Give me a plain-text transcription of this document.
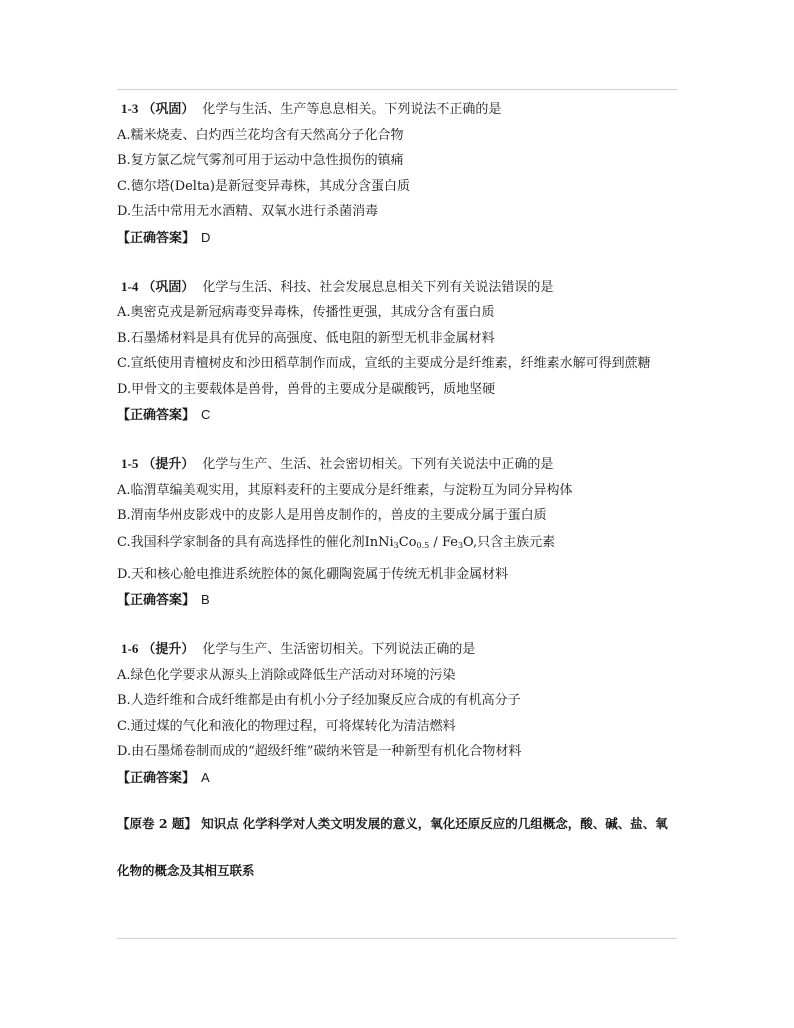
1-3 （巩固） 化学与生活、生产等息息相关。下列说法不正确的是
A.糯米烧麦、白灼西兰花均含有天然高分子化合物
B.复方氯乙烷气雾剂可用于运动中急性损伤的镇痛
C.德尔塔(Delta)是新冠变异毒株，其成分含蛋白质
D.生活中常用无水酒精、双氧水进行杀菌消毒
【正确答案】 D
1-4 （巩固） 化学与生活、科技、社会发展息息相关下列有关说法错误的是
A.奥密克戎是新冠病毒变异毒株，传播性更强，其成分含有蛋白质
B.石墨烯材料是具有优异的高强度、低电阻的新型无机非金属材料
C.宣纸使用青檀树皮和沙田稻草制作而成，宣纸的主要成分是纤维素，纤维素水解可得到蔗糖
D.甲骨文的主要载体是兽骨，兽骨的主要成分是碳酸钙，质地坚硬
【正确答案】 C
1-5 （提升） 化学与生产、生活、社会密切相关。下列有关说法中正确的是
A.临渭草编美观实用，其原料麦秆的主要成分是纤维素，与淀粉互为同分异构体
B.渭南华州皮影戏中的皮影人是用兽皮制作的，兽皮的主要成分属于蛋白质
C.我国科学家制备的具有高选择性的催化剂$InNi_3Co_{0.5} / Fe_3O$,只含主族元素
D.天和核心舱电推进系统腔体的氮化硼陶瓷属于传统无机非金属材料
【正确答案】 B
1-6 （提升） 化学与生产、生活密切相关。下列说法正确的是
A.绿色化学要求从源头上消除或降低生产活动对环境的污染
B.人造纤维和合成纤维都是由有机小分子经加聚反应合成的有机高分子
C.通过煤的气化和液化的物理过程，可将煤转化为清洁燃料
D.由石墨烯卷制而成的“超级纤维”碳纳米管是一种新型有机化合物材料
【正确答案】 A
【原卷 2 题】 知识点 化学科学对人类文明发展的意义，氧化还原反应的几组概念，酸、碱、盐、氧
化物的概念及其相互联系
